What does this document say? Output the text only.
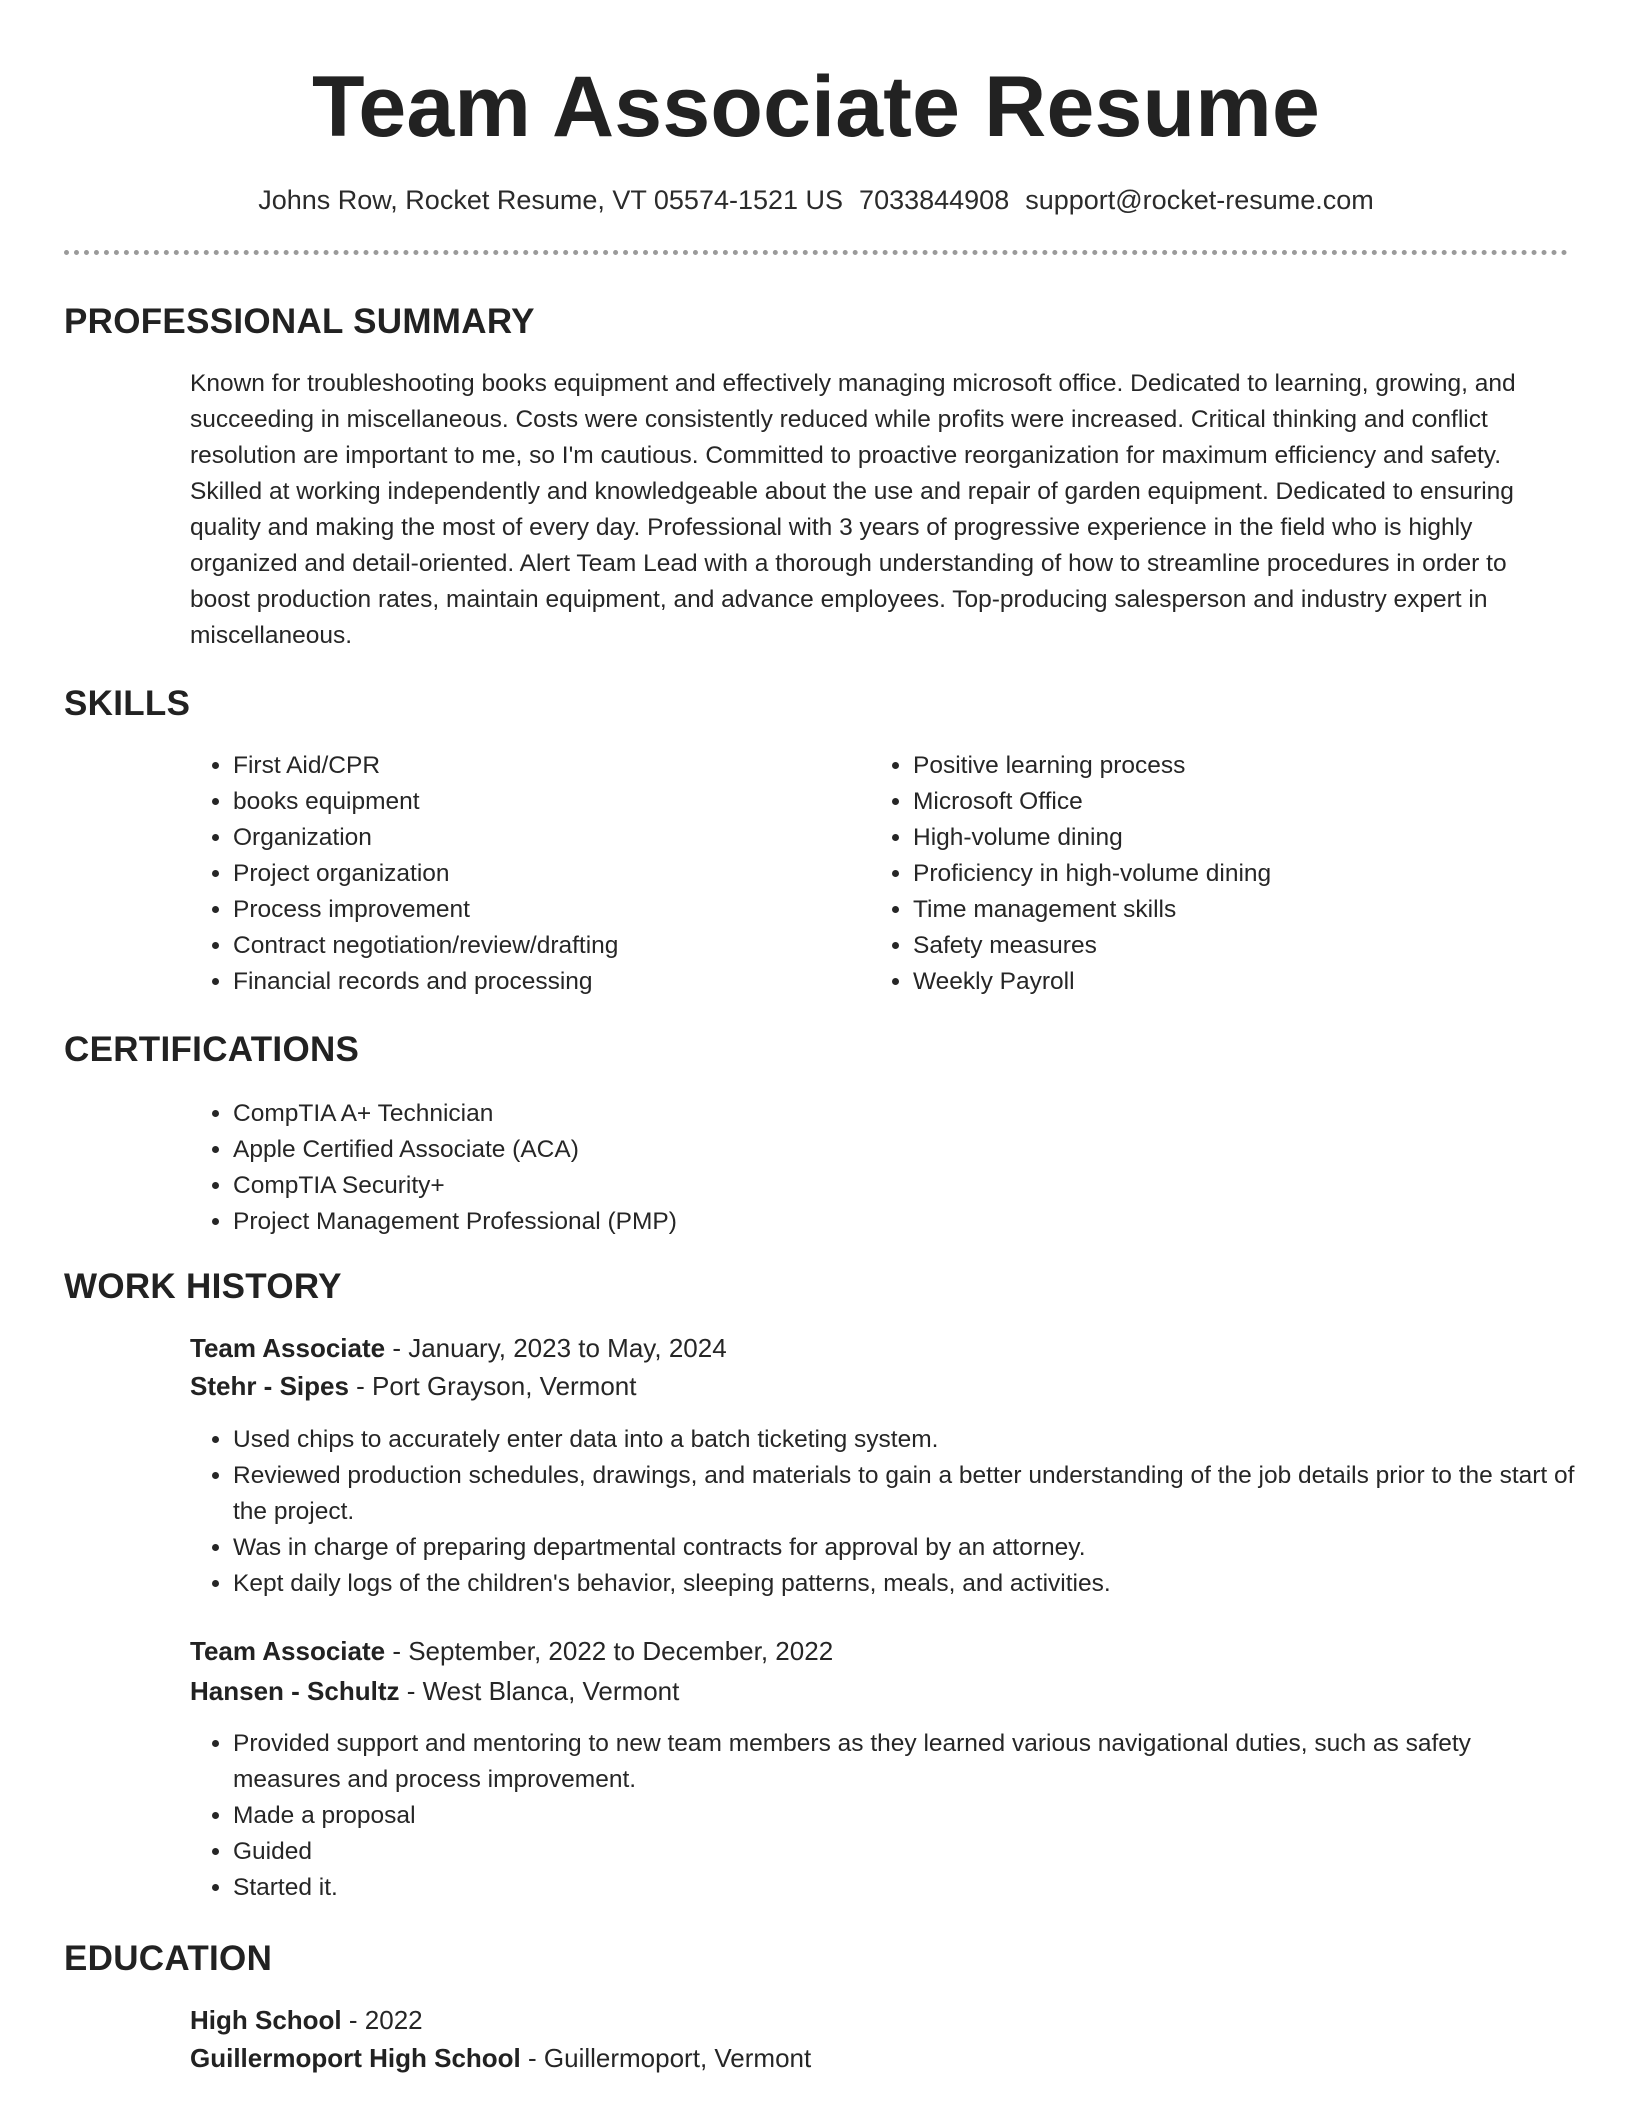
Team Associate Resume
Johns Row, Rocket Resume, VT 05574-1521 US 7033844908 support@rocket-resume.com
PROFESSIONAL SUMMARY

Known for troubleshooting books equipment and effectively managing microsoft office. Dedicated to learning, growing, and succeeding in miscellaneous. Costs were consistently reduced while profits were increased. Critical thinking and conflict resolution are important to me, so I'm cautious. Committed to proactive reorganization for maximum efficiency and safety. Skilled at working independently and knowledgeable about the use and repair of garden equipment. Dedicated to ensuring quality and making the most of every day. Professional with 3 years of progressive experience in the field who is highly organized and detail-oriented. Alert Team Lead with a thorough understanding of how to streamline procedures in order to boost production rates, maintain equipment, and advance employees. Top-producing salesperson and industry expert in miscellaneous.

SKILLS
• First Aid/CPR
• books equipment
• Organization
• Project organization
• Process improvement
• Contract negotiation/review/drafting
• Financial records and processing
• Positive learning process
• Microsoft Office
• High-volume dining
• Proficiency in high-volume dining
• Time management skills
• Safety measures
• Weekly Payroll
CERTIFICATIONS
• CompTIA A+ Technician
• Apple Certified Associate (ACA)
• CompTIA Security+
• Project Management Professional (PMP)
WORK HISTORY
Team Associate - January, 2023 to May, 2024
Stehr - Sipes - Port Grayson, Vermont
• Used chips to accurately enter data into a batch ticketing system.
• Reviewed production schedules, drawings, and materials to gain a better understanding of the job details prior to the start of the project.
• Was in charge of preparing departmental contracts for approval by an attorney.
• Kept daily logs of the children's behavior, sleeping patterns, meals, and activities.
Team Associate - September, 2022 to December, 2022
Hansen - Schultz - West Blanca, Vermont
• Provided support and mentoring to new team members as they learned various navigational duties, such as safety measures and process improvement.
• Made a proposal
• Guided
• Started it.
EDUCATION
High School - 2022
Guillermoport High School - Guillermoport, Vermont
